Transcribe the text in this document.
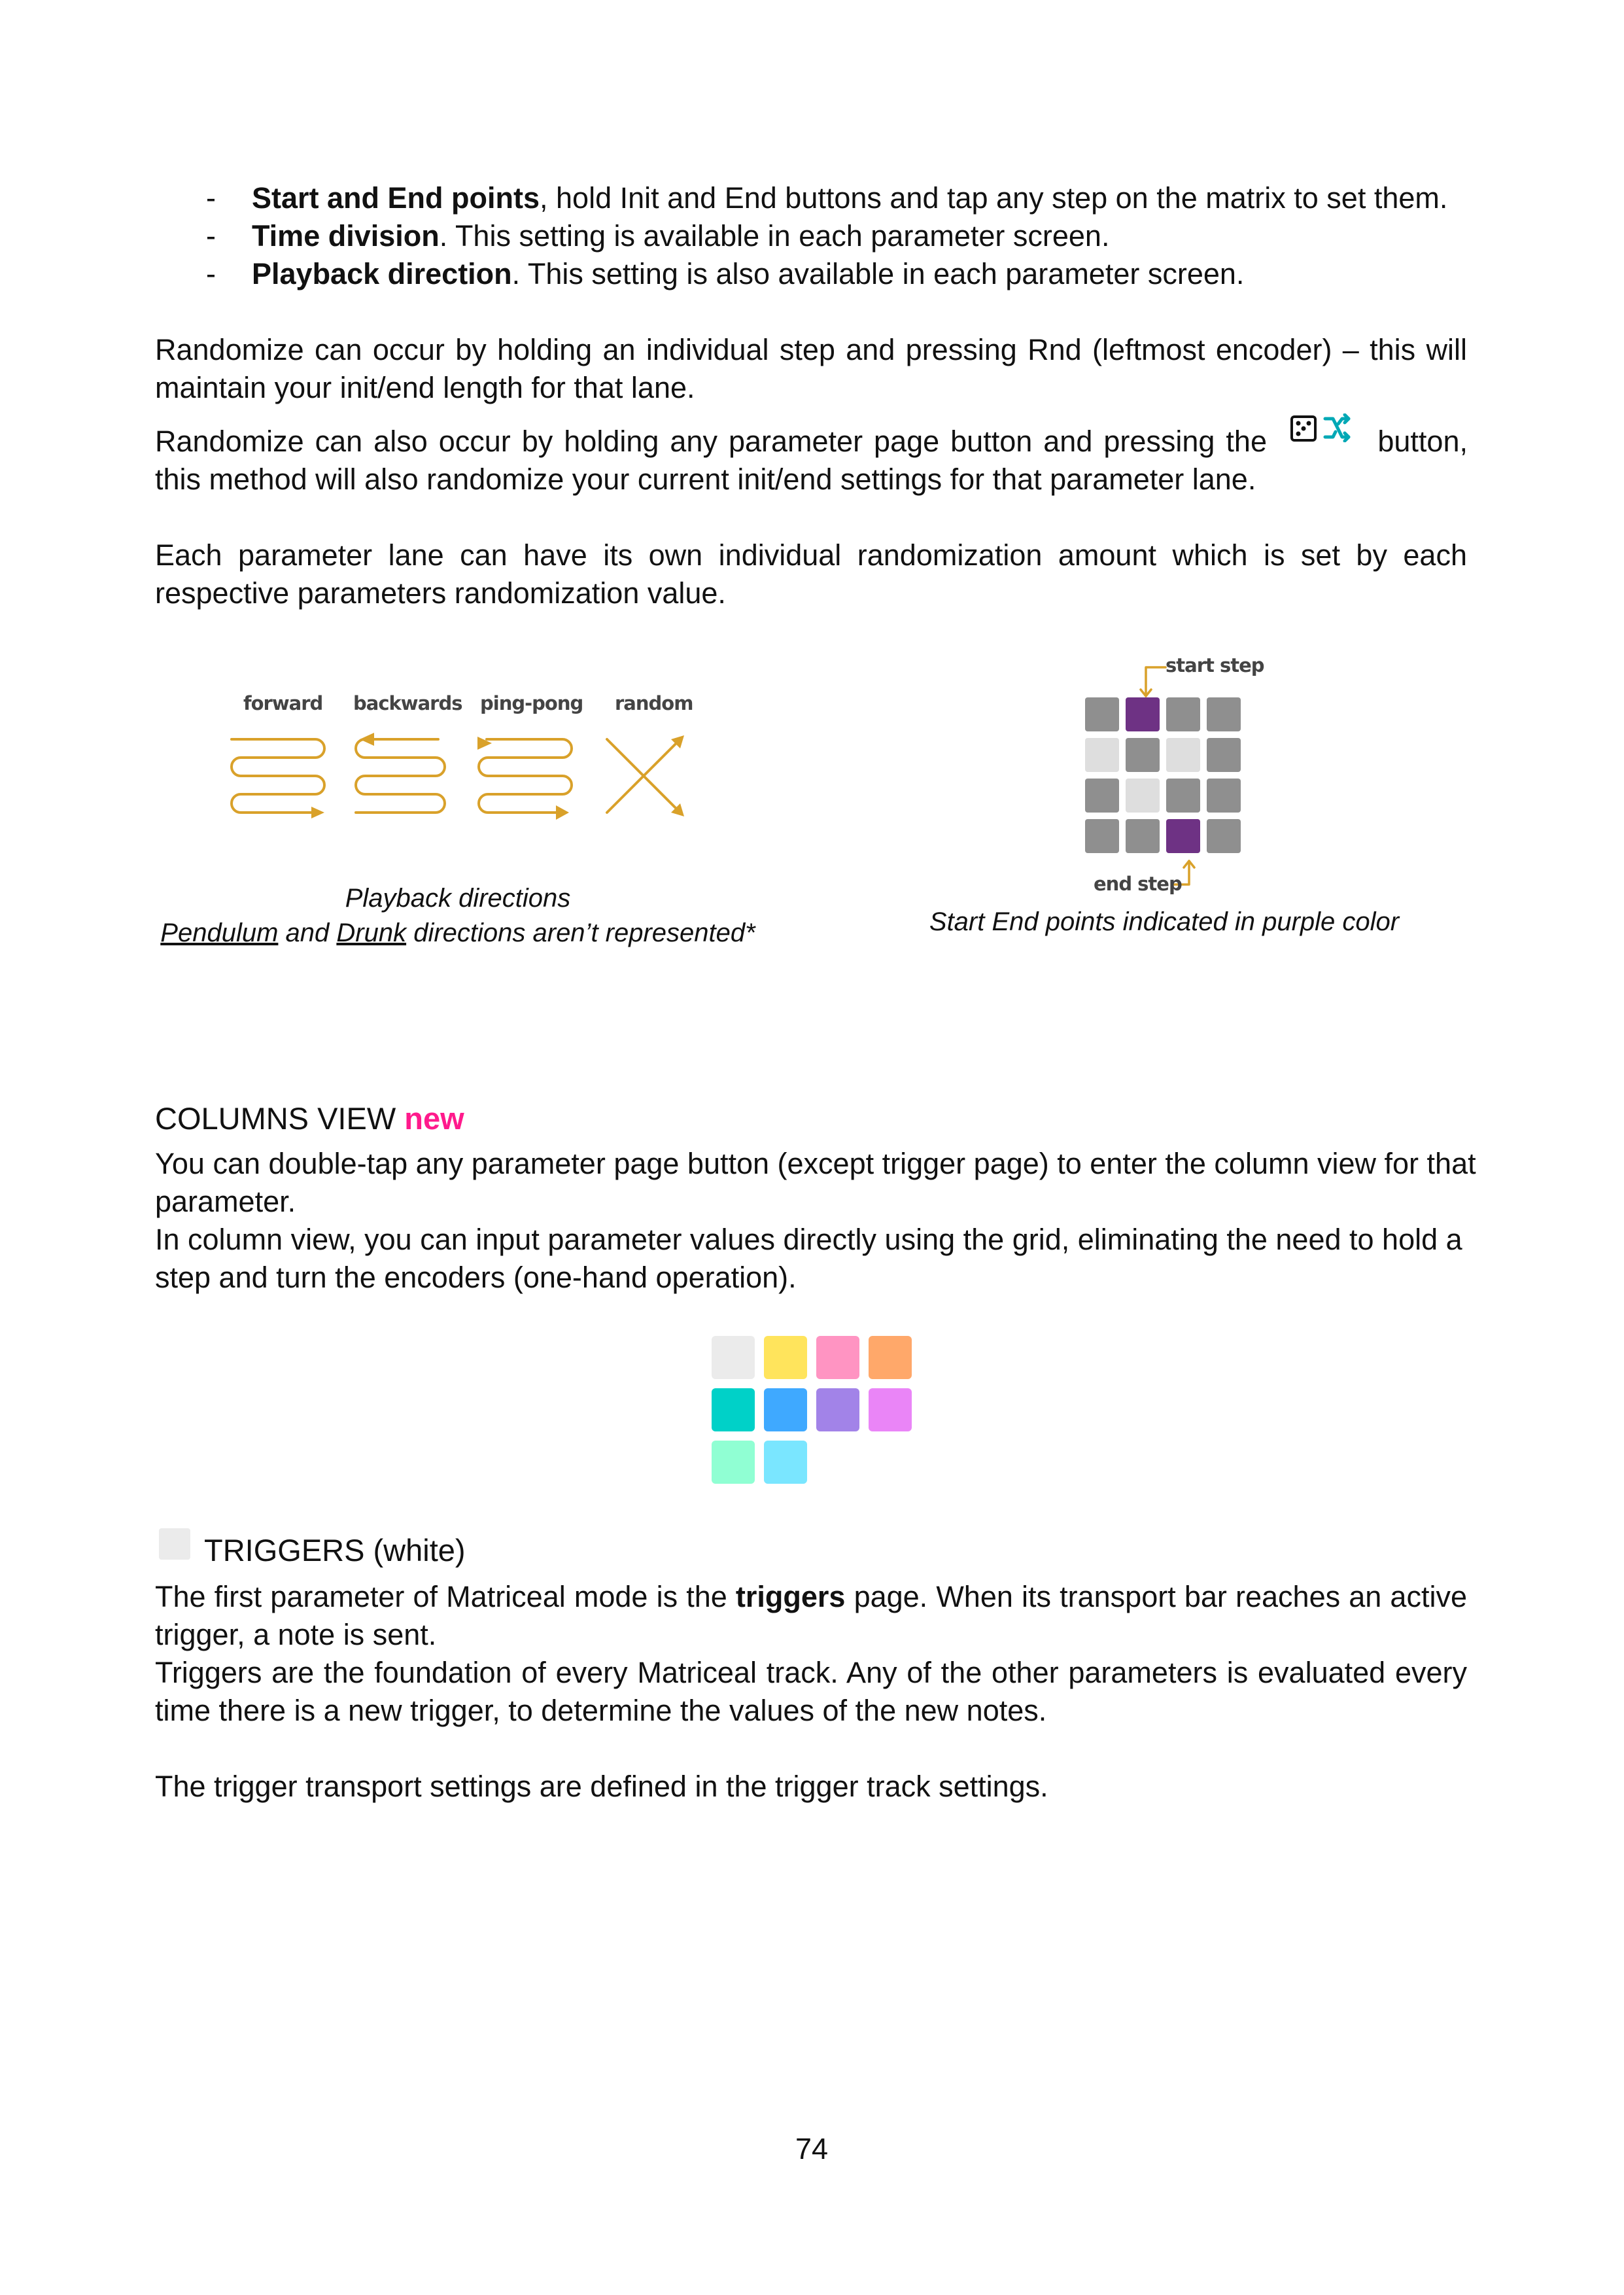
- Start and End points, hold Init and End buttons and tap any step on the matrix to set them.
- Time division. This setting is available in each parameter screen.
- Playback direction. This setting is also available in each parameter screen.
Randomize can occur by holding an individual step and pressing Rnd (leftmost encoder) – this will
maintain your init/end length for that lane.
Randomize can also occur by holding any parameter page button and pressing the	button,
this method will also randomize your current init/end settings for that parameter lane.
Each parameter lane can have its own individual randomization amount which is set by each
respective parameters randomization value.
forward backwards ping-pong random
Playback directions
Pendulum and Drunk directions aren’t represented*
start step
end step
Start End points indicated in purple color
COLUMNS VIEW new
You can double-tap any parameter page button (except trigger page) to enter the column view for that
parameter.
In column view, you can input parameter values directly using the grid, eliminating the need to hold a
step and turn the encoders (one-hand operation).
TRIGGERS (white)
The first parameter of Matriceal mode is the triggers page. When its transport bar reaches an active
trigger, a note is sent.
Triggers are the foundation of every Matriceal track. Any of the other parameters is evaluated every
time there is a new trigger, to determine the values of the new notes.
The trigger transport settings are defined in the trigger track settings.
74
